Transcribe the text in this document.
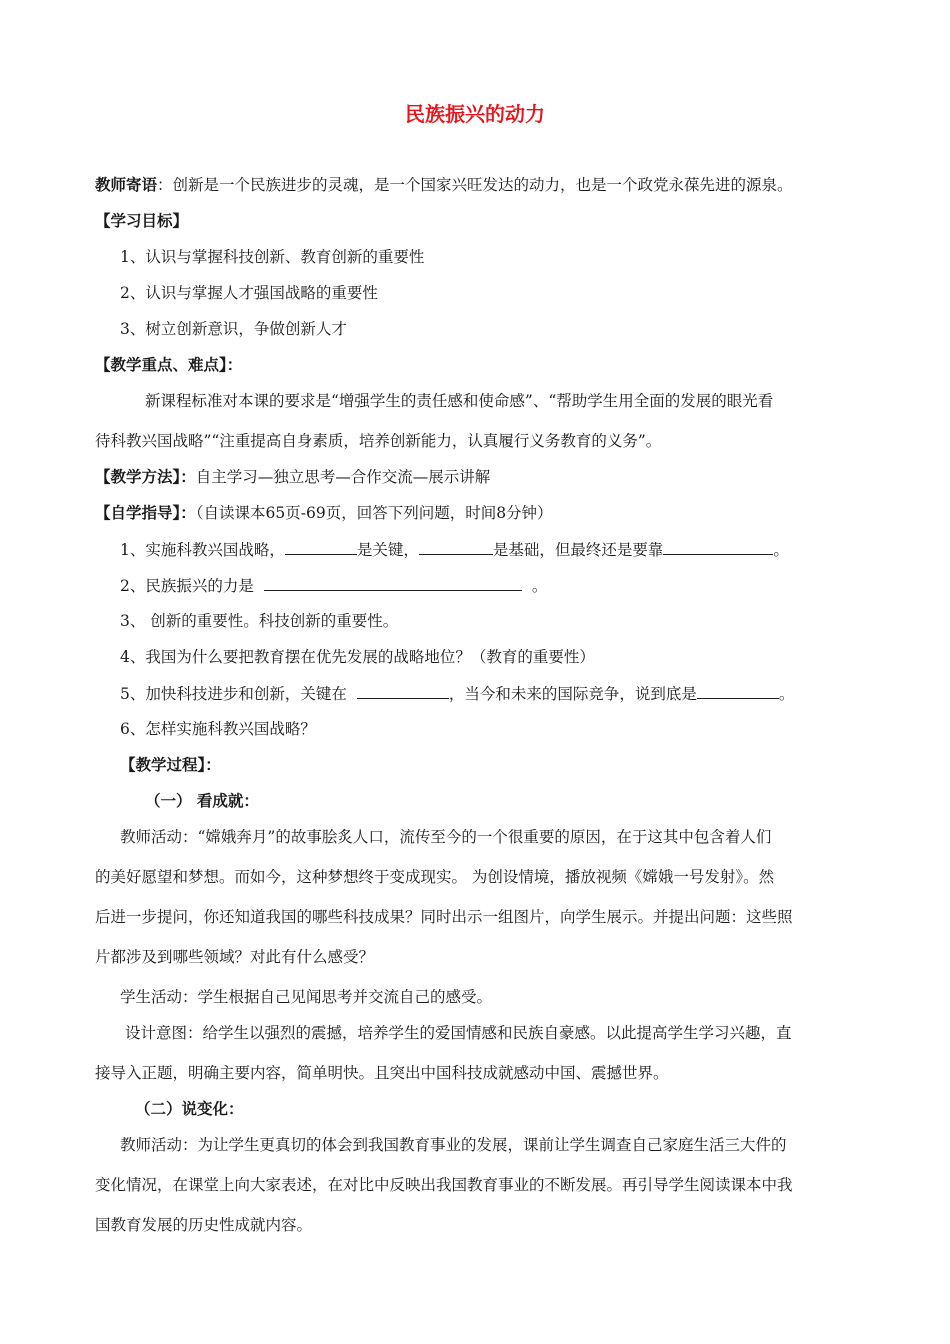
民族振兴的动力
教师寄语：创新是一个民族进步的灵魂，是一个国家兴旺发达的动力，也是一个政党永葆先进的源泉。
【学习目标】
1、认识与掌握科技创新、教育创新的重要性
2、认识与掌握人才强国战略的重要性
3、树立创新意识，争做创新人才
【教学重点、难点】：
新课程标准对本课的要求是“增强学生的责任感和使命感”、“帮助学生用全面的发展的眼光看
待科教兴国战略”“注重提高自身素质，培养创新能力，认真履行义务教育的义务”。
【教学方法】：自主学习—独立思考—合作交流—展示讲解
【自学指导】：（自读课本65页-69页，回答下列问题，时间8分钟）
1、实施科教兴国战略，	是关键，	是基础，但最终还是要靠	。
2、民族振兴的力是	。
3、 创新的重要性。科技创新的重要性。
4、我国为什么要把教育摆在优先发展的战略地位？（教育的重要性）
5、加快科技进步和创新，关键在	，当今和未来的国际竞争，说到底是	。
6、怎样实施科教兴国战略？
【教学过程】：
（一） 看成就：
教师活动：“嫦娥奔月”的故事脍炙人口，流传至今的一个很重要的原因，在于这其中包含着人们
的美好愿望和梦想。而如今，这种梦想终于变成现实。 为创设情境，播放视频《嫦娥一号发射》。然
后进一步提问，你还知道我国的哪些科技成果？同时出示一组图片，向学生展示。并提出问题：这些照
片都涉及到哪些领域？对此有什么感受？
学生活动：学生根据自己见闻思考并交流自己的感受。
设计意图：给学生以强烈的震撼，培养学生的爱国情感和民族自豪感。以此提高学生学习兴趣，直
接导入正题，明确主要内容，简单明快。且突出中国科技成就感动中国、震撼世界。
（二）说变化：
教师活动：为让学生更真切的体会到我国教育事业的发展，课前让学生调查自己家庭生活三大件的
变化情况，在课堂上向大家表述，在对比中反映出我国教育事业的不断发展。再引导学生阅读课本中我
国教育发展的历史性成就内容。
